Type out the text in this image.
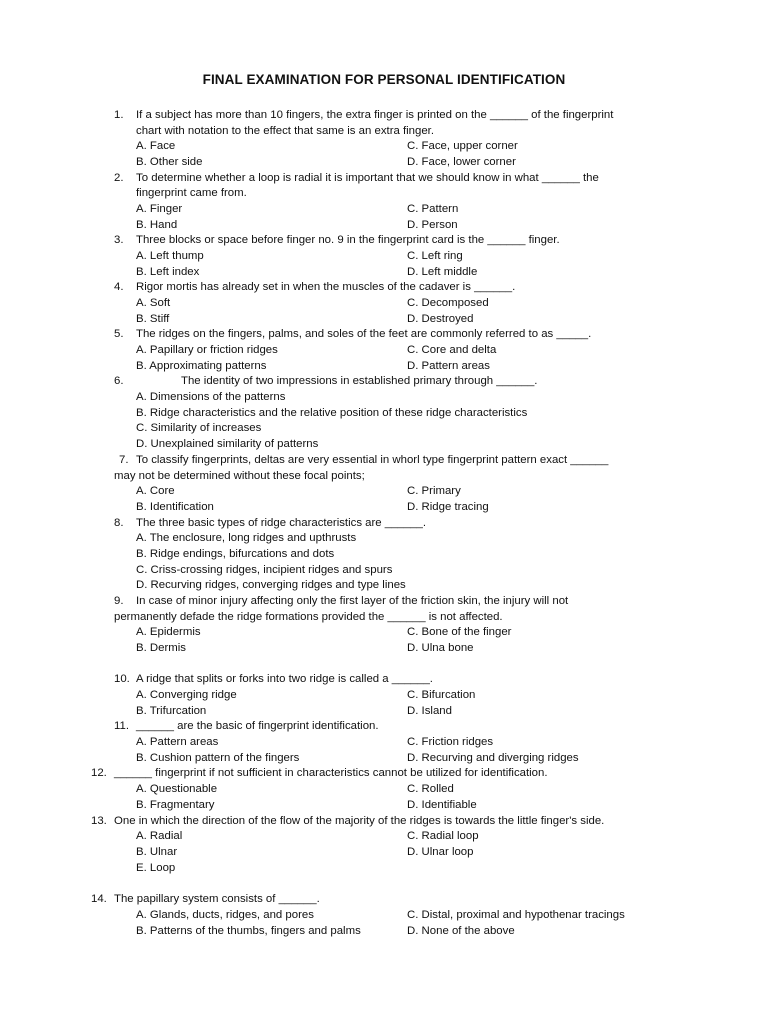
FINAL EXAMINATION FOR PERSONAL IDENTIFICATION
1. If a subject has more than 10 fingers, the extra finger is printed on the ______ of the fingerprint
chart with notation to the effect that same is an extra finger.
A. Face	C. Face, upper corner
B. Other side	D. Face, lower corner
2. To determine whether a loop is radial it is important that we should know in what ______ the
fingerprint came from.
A. Finger	C. Pattern
B. Hand	D. Person
3. Three blocks or space before finger no. 9 in the fingerprint card is the ______ finger.
A. Left thump	C. Left ring
B. Left index	D. Left middle
4. Rigor mortis has already set in when the muscles of the cadaver is ______.
A. Soft	C. Decomposed
B. Stiff	D. Destroyed
5. The ridges on the fingers, palms, and soles of the feet are commonly referred to as _____.
A. Papillary or friction ridges	C. Core and delta
B. Approximating patterns	D. Pattern areas
6.	The identity of two impressions in established primary through ______.
A. Dimensions of the patterns
B. Ridge characteristics and the relative position of these ridge characteristics
C. Similarity of increases
D. Unexplained similarity of patterns
7. To classify fingerprints, deltas are very essential in whorl type fingerprint pattern exact ______
may not be determined without these focal points;
A. Core	C. Primary
B. Identification	D. Ridge tracing
8. The three basic types of ridge characteristics are ______.
A. The enclosure, long ridges and upthrusts
B. Ridge endings, bifurcations and dots
C. Criss-crossing ridges, incipient ridges and spurs
D. Recurving ridges, converging ridges and type lines
9. In case of minor injury affecting only the first layer of the friction skin, the injury will not
permanently defade the ridge formations provided the ______ is not affected.
A. Epidermis	C. Bone of the finger
B. Dermis	D. Ulna bone
10. A ridge that splits or forks into two ridge is called a ______.
A. Converging ridge	C. Bifurcation
B. Trifurcation	D. Island
11. ______ are the basic of fingerprint identification.
A. Pattern areas	C. Friction ridges
B. Cushion pattern of the fingers	D. Recurving and diverging ridges
12. ______ fingerprint if not sufficient in characteristics cannot be utilized for identification.
A. Questionable	C. Rolled
B. Fragmentary	D. Identifiable
13. One in which the direction of the flow of the majority of the ridges is towards the little finger's side.
A. Radial	C. Radial loop
B. Ulnar	D. Ulnar loop
E. Loop
14. The papillary system consists of ______.
A. Glands, ducts, ridges, and pores	C. Distal, proximal and hypothenar tracings
B. Patterns of the thumbs, fingers and palms	D. None of the above
